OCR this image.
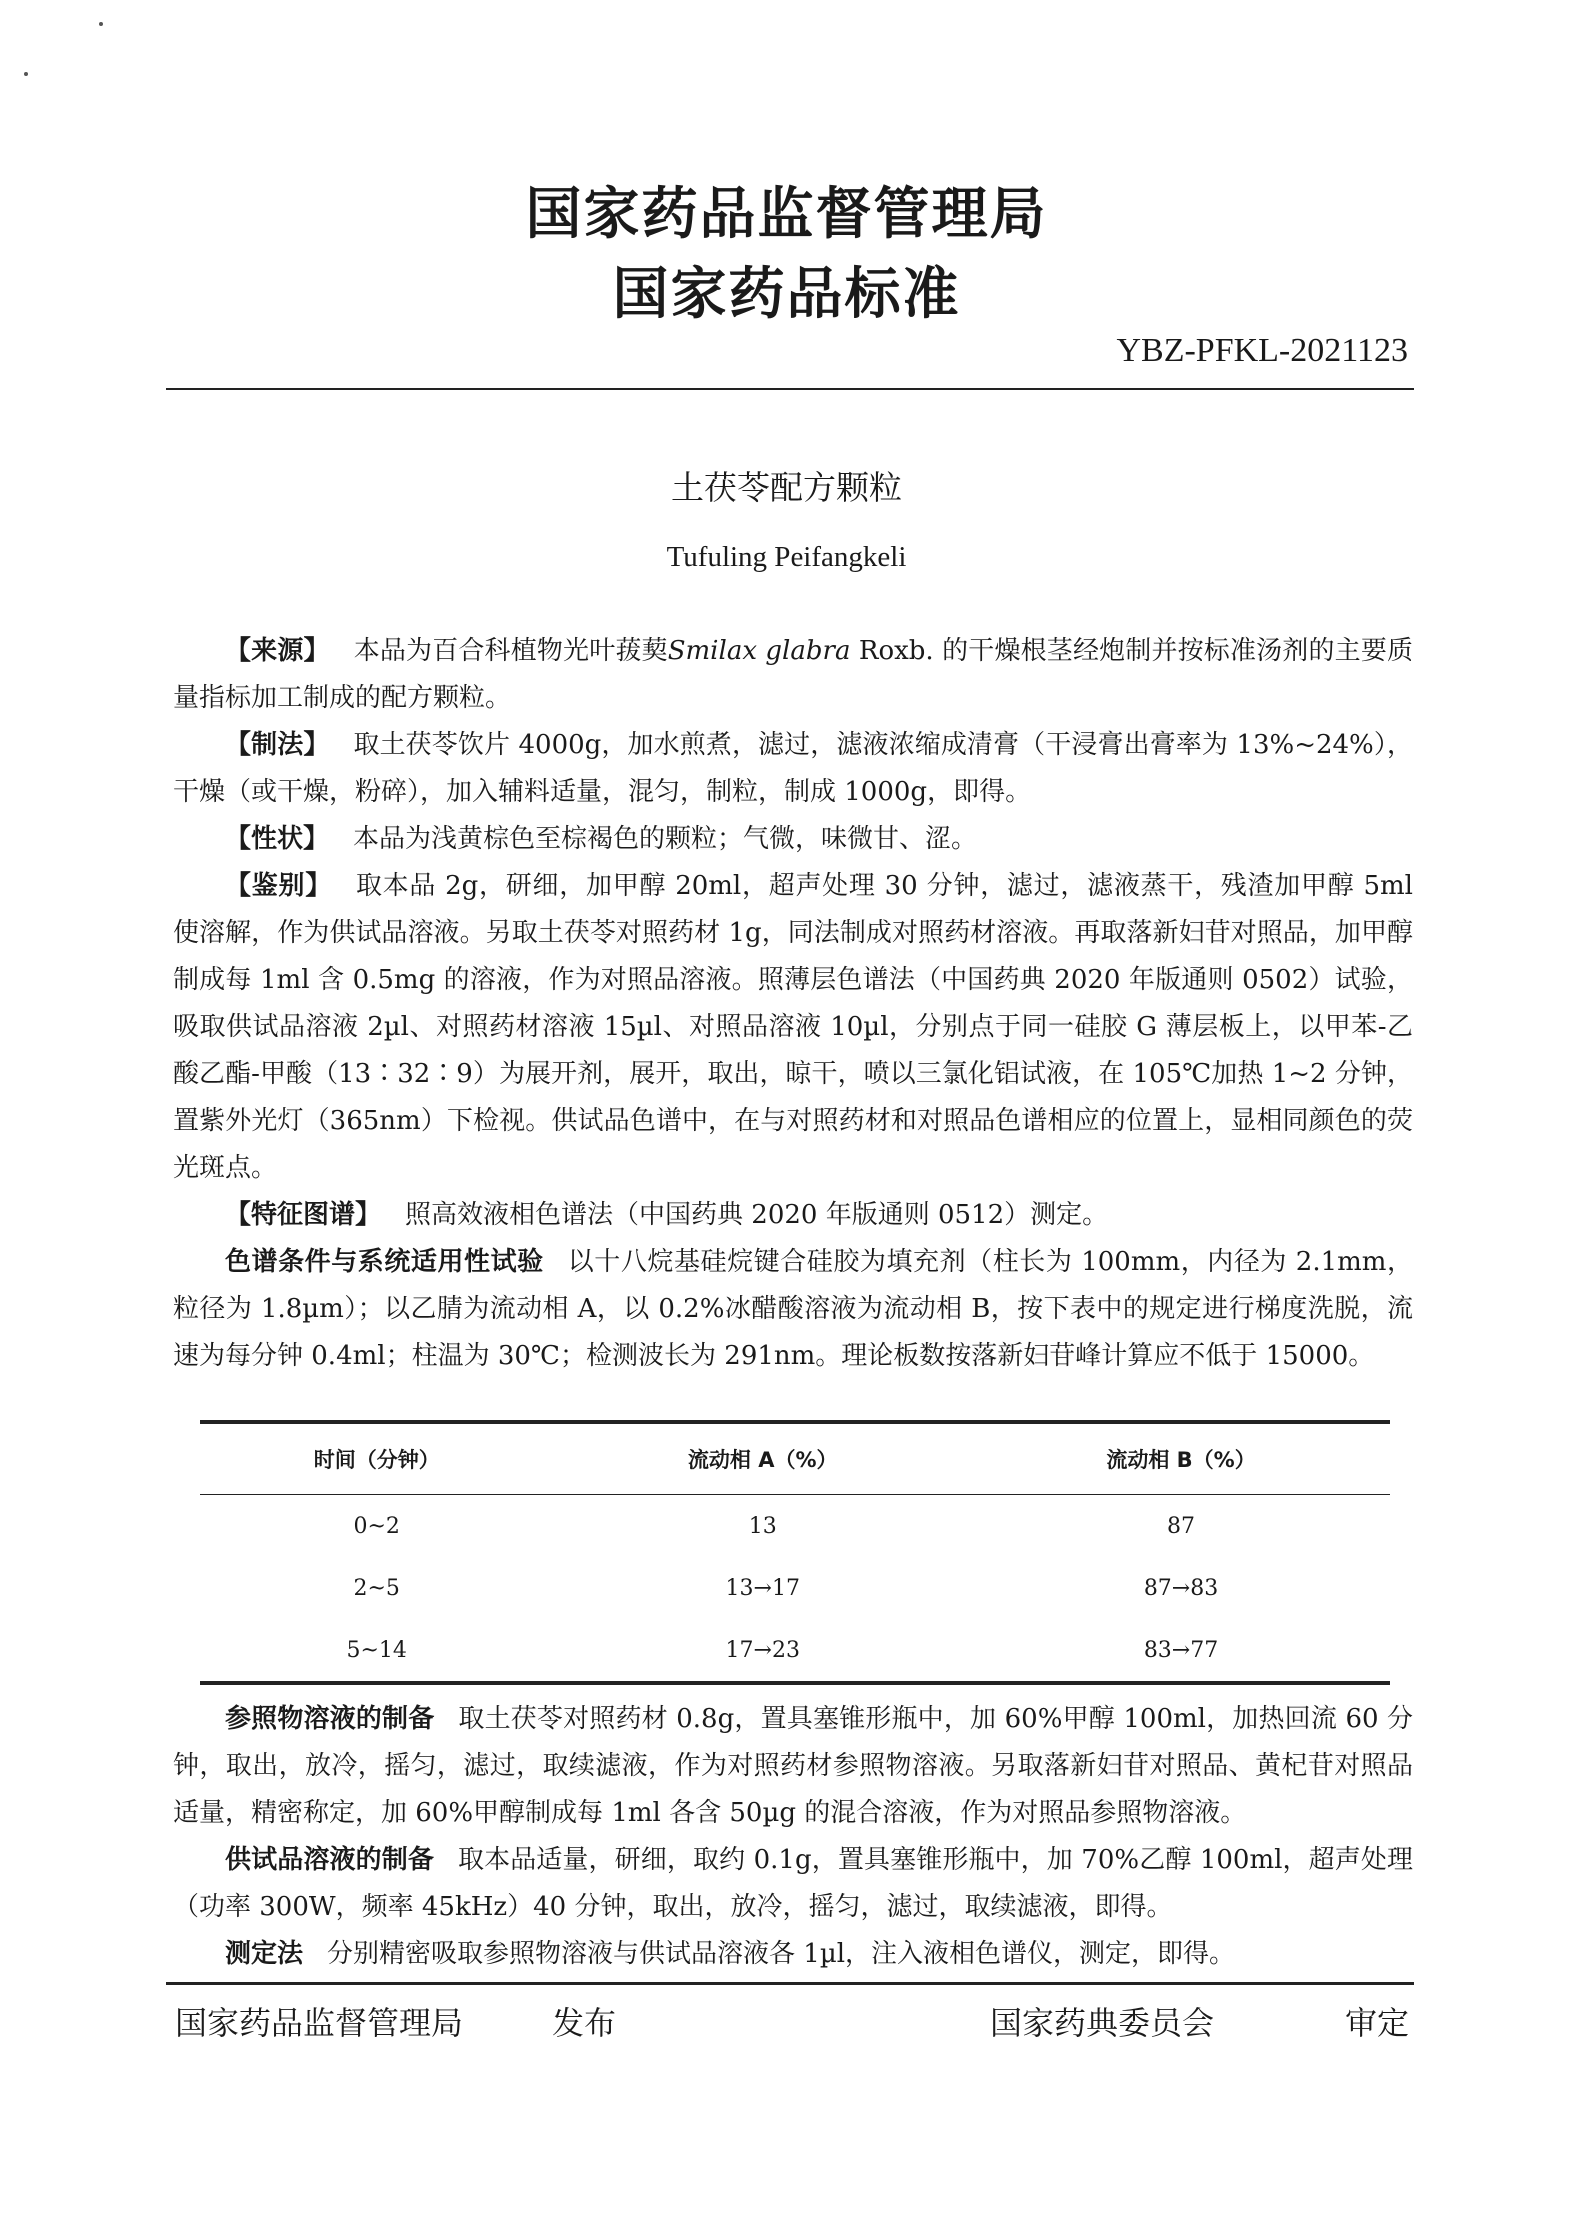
国家药品监督管理局
国家药品标准
YBZ-PFKL-2021123
土茯苓配方颗粒
Tufuling Peifangkeli

【来源】 本品为百合科植物光叶菝葜Smilax glabra Roxb. 的干燥根茎经炮制并按标准汤剂的主要质量指标加工制成的配方颗粒。

【制法】 取土茯苓饮片 4000g，加水煎煮，滤过，滤液浓缩成清膏（干浸膏出膏率为 13%~24%），干燥（或干燥，粉碎），加入辅料适量，混匀，制粒，制成 1000g，即得。

【性状】 本品为浅黄棕色至棕褐色的颗粒；气微，味微甘、涩。

【鉴别】 取本品 2g，研细，加甲醇 20ml，超声处理 30 分钟，滤过，滤液蒸干，残渣加甲醇 5ml 使溶解，作为供试品溶液。另取土茯苓对照药材 1g，同法制成对照药材溶液。再取落新妇苷对照品，加甲醇制成每 1ml 含 0.5mg 的溶液，作为对照品溶液。照薄层色谱法（中国药典 2020 年版通则 0502）试验，吸取供试品溶液 2µl、对照药材溶液 15µl、对照品溶液 10µl，分别点于同一硅胶 G 薄层板上，以甲苯-乙酸乙酯-甲酸（13∶32∶9）为展开剂，展开，取出，晾干，喷以三氯化铝试液，在 105℃加热 1~2 分钟，置紫外光灯（365nm）下检视。供试品色谱中，在与对照药材和对照品色谱相应的位置上，显相同颜色的荧光斑点。

【特征图谱】 照高效液相色谱法（中国药典 2020 年版通则 0512）测定。

色谱条件与系统适用性试验 以十八烷基硅烷键合硅胶为填充剂（柱长为 100mm，内径为 2.1mm，粒径为 1.8µm）；以乙腈为流动相 A，以 0.2%冰醋酸溶液为流动相 B，按下表中的规定进行梯度洗脱，流速为每分钟 0.4ml；柱温为 30℃；检测波长为 291nm。理论板数按落新妇苷峰计算应不低于 15000。

时间（分钟）	流动相 A（%）	流动相 B（%）
0~2	13	87
2~5	13→17	87→83
5~14	17→23	83→77

参照物溶液的制备 取土茯苓对照药材 0.8g，置具塞锥形瓶中，加 60%甲醇 100ml，加热回流 60 分钟，取出，放冷，摇匀，滤过，取续滤液，作为对照药材参照物溶液。另取落新妇苷对照品、黄杞苷对照品适量，精密称定，加 60%甲醇制成每 1ml 各含 50µg 的混合溶液，作为对照品参照物溶液。

供试品溶液的制备 取本品适量，研细，取约 0.1g，置具塞锥形瓶中，加 70%乙醇 100ml，超声处理（功率 300W，频率 45kHz）40 分钟，取出，放冷，摇匀，滤过，取续滤液，即得。

测定法 分别精密吸取参照物溶液与供试品溶液各 1µl，注入液相色谱仪，测定，即得。

国家药品监督管理局	发布	国家药典委员会	审定
